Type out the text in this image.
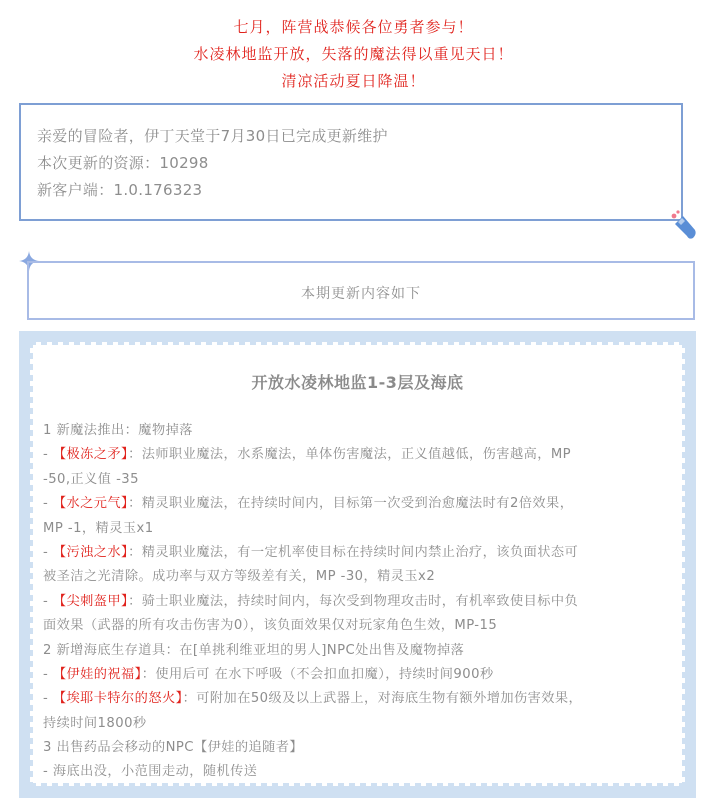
七月，阵营战恭候各位勇者参与！
水凌林地监开放，失落的魔法得以重见天日！
清凉活动夏日降温！
亲爱的冒险者，伊丁天堂于7月30日已完成更新维护
本次更新的资源：10298
新客户端：1.0.176323
本期更新内容如下
开放水凌林地监1-3层及海底
1 新魔法推出：魔物掉落
- 【极冻之矛】：法师职业魔法，水系魔法，单体伤害魔法，正义值越低，伤害越高，MP
-50,正义值 -35
- 【水之元气】：精灵职业魔法，在持续时间内，目标第一次受到治愈魔法时有2倍效果，
MP -1，精灵玉x1
- 【污浊之水】：精灵职业魔法，有一定机率使目标在持续时间内禁止治疗，该负面状态可
被圣洁之光清除。成功率与双方等级差有关，MP -30，精灵玉x2
- 【尖刺盔甲】：骑士职业魔法，持续时间内，每次受到物理攻击时，有机率致使目标中负
面效果（武器的所有攻击伤害为0），该负面效果仅对玩家角色生效，MP-15
2 新增海底生存道具：在[单挑利维亚坦的男人]NPC处出售及魔物掉落
- 【伊娃的祝福】：使用后可 在水下呼吸（不会扣血扣魔），持续时间900秒
- 【埃耶卡特尔的怒火】：可附加在50级及以上武器上，对海底生物有额外增加伤害效果，
持续时间1800秒
3 出售药品会移动的NPC【伊娃的追随者】
- 海底出没，小范围走动，随机传送
